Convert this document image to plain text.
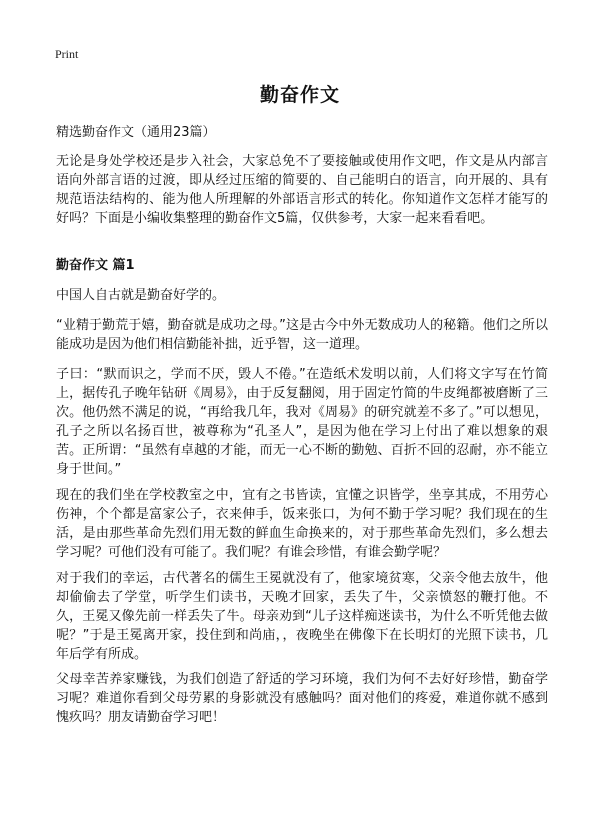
Print
勤奋作文

精选勤奋作文（通用23篇）

无论是身处学校还是步入社会，大家总免不了要接触或使用作文吧，作文是从内部言语向外部言语的过渡，即从经过压缩的简要的、自己能明白的语言，向开展的、具有规范语法结构的、能为他人所理解的外部语言形式的转化。你知道作文怎样才能写的好吗？下面是小编收集整理的勤奋作文5篇，仅供参考，大家一起来看看吧。

勤奋作文 篇1

中国人自古就是勤奋好学的。

“业精于勤荒于嬉，勤奋就是成功之母。”这是古今中外无数成功人的秘籍。他们之所以能成功是因为他们相信勤能补拙，近乎智，这一道理。

子曰：“默而识之，学而不厌，毁人不倦。”在造纸术发明以前，人们将文字写在竹简上，据传孔子晚年钻研《周易》，由于反复翻阅，用于固定竹简的牛皮绳都被磨断了三次。他仍然不满足的说，“再给我几年，我对《周易》的研究就差不多了。”可以想见，孔子之所以名扬百世，被尊称为“孔圣人”，是因为他在学习上付出了难以想象的艰苦。正所谓：“虽然有卓越的才能，而无一心不断的勤勉、百折不回的忍耐，亦不能立身于世间。”

现在的我们坐在学校教室之中，宜有之书皆读，宜懂之识皆学，坐享其成，不用劳心伤神，个个都是富家公子，衣来伸手，饭来张口，为何不勤于学习呢？我们现在的生活，是由那些革命先烈们用无数的鲜血生命换来的，对于那些革命先烈们，多么想去学习呢？可他们没有可能了。我们呢？有谁会珍惜，有谁会勤学呢？

对于我们的幸运，古代著名的儒生王冕就没有了，他家境贫寒，父亲令他去放牛，他却偷偷去了学堂，听学生们读书，天晚才回家，丢失了牛，父亲愤怒的鞭打他。不久，王冕又像先前一样丢失了牛。母亲劝到“儿子这样痴迷读书，为什么不听凭他去做呢？”于是王冕离开家，投住到和尚庙，，夜晚坐在佛像下在长明灯的光照下读书，几年后学有所成。

父母幸苦养家赚钱，为我们创造了舒适的学习环境，我们为何不去好好珍惜，勤奋学习呢？难道你看到父母劳累的身影就没有感触吗？面对他们的疼爱，难道你就不感到愧疚吗？朋友请勤奋学习吧！
